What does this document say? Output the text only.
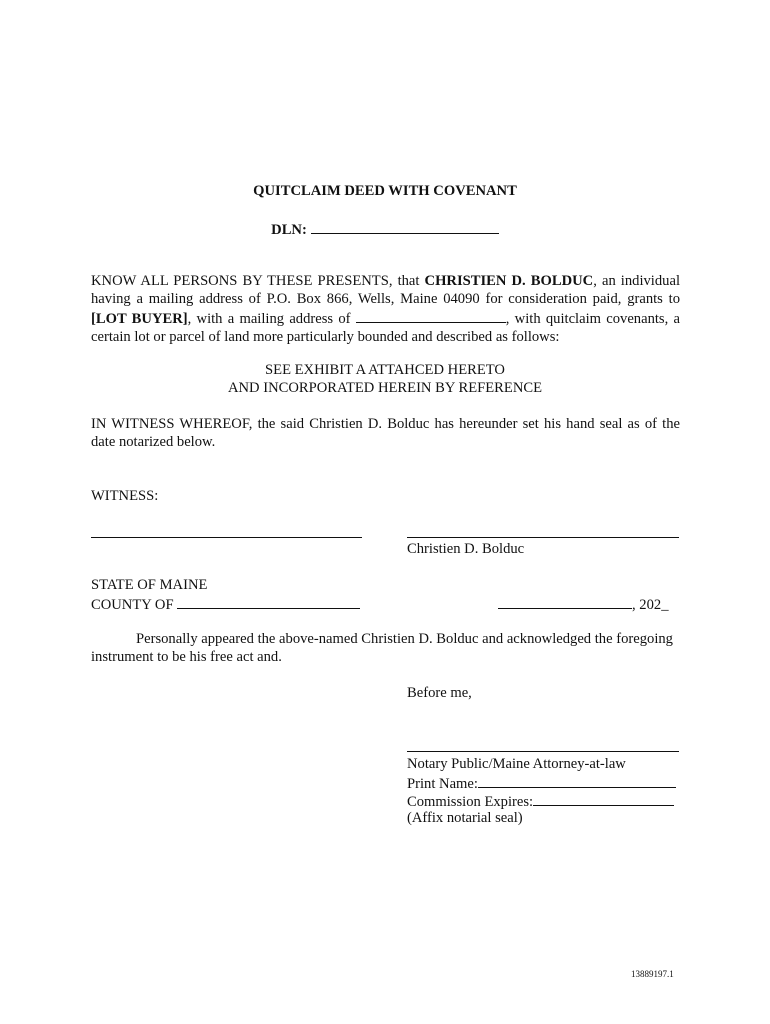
QUITCLAIM DEED WITH COVENANT
DLN:
KNOW ALL PERSONS BY THESE PRESENTS, that CHRISTIEN D. BOLDUC, an individual having a mailing address of P.O. Box 866, Wells, Maine 04090 for consideration paid, grants to [LOT BUYER], with a mailing address of	, with quitclaim covenants, a certain lot or parcel of land more particularly bounded and described as follows:
SEE EXHIBIT A ATTAHCED HERETO
AND INCORPORATED HEREIN BY REFERENCE
IN WITNESS WHEREOF, the said Christien D. Bolduc has hereunder set his hand seal as of the date notarized below.
WITNESS:
Christien D. Bolduc
STATE OF MAINE
COUNTY OF	, 202_
Personally appeared the above-named Christien D. Bolduc and acknowledged the foregoing instrument to be his free act and.
Before me,
Notary Public/Maine Attorney-at-law
Print Name:
Commission Expires:
(Affix notarial seal)
13889197.1
